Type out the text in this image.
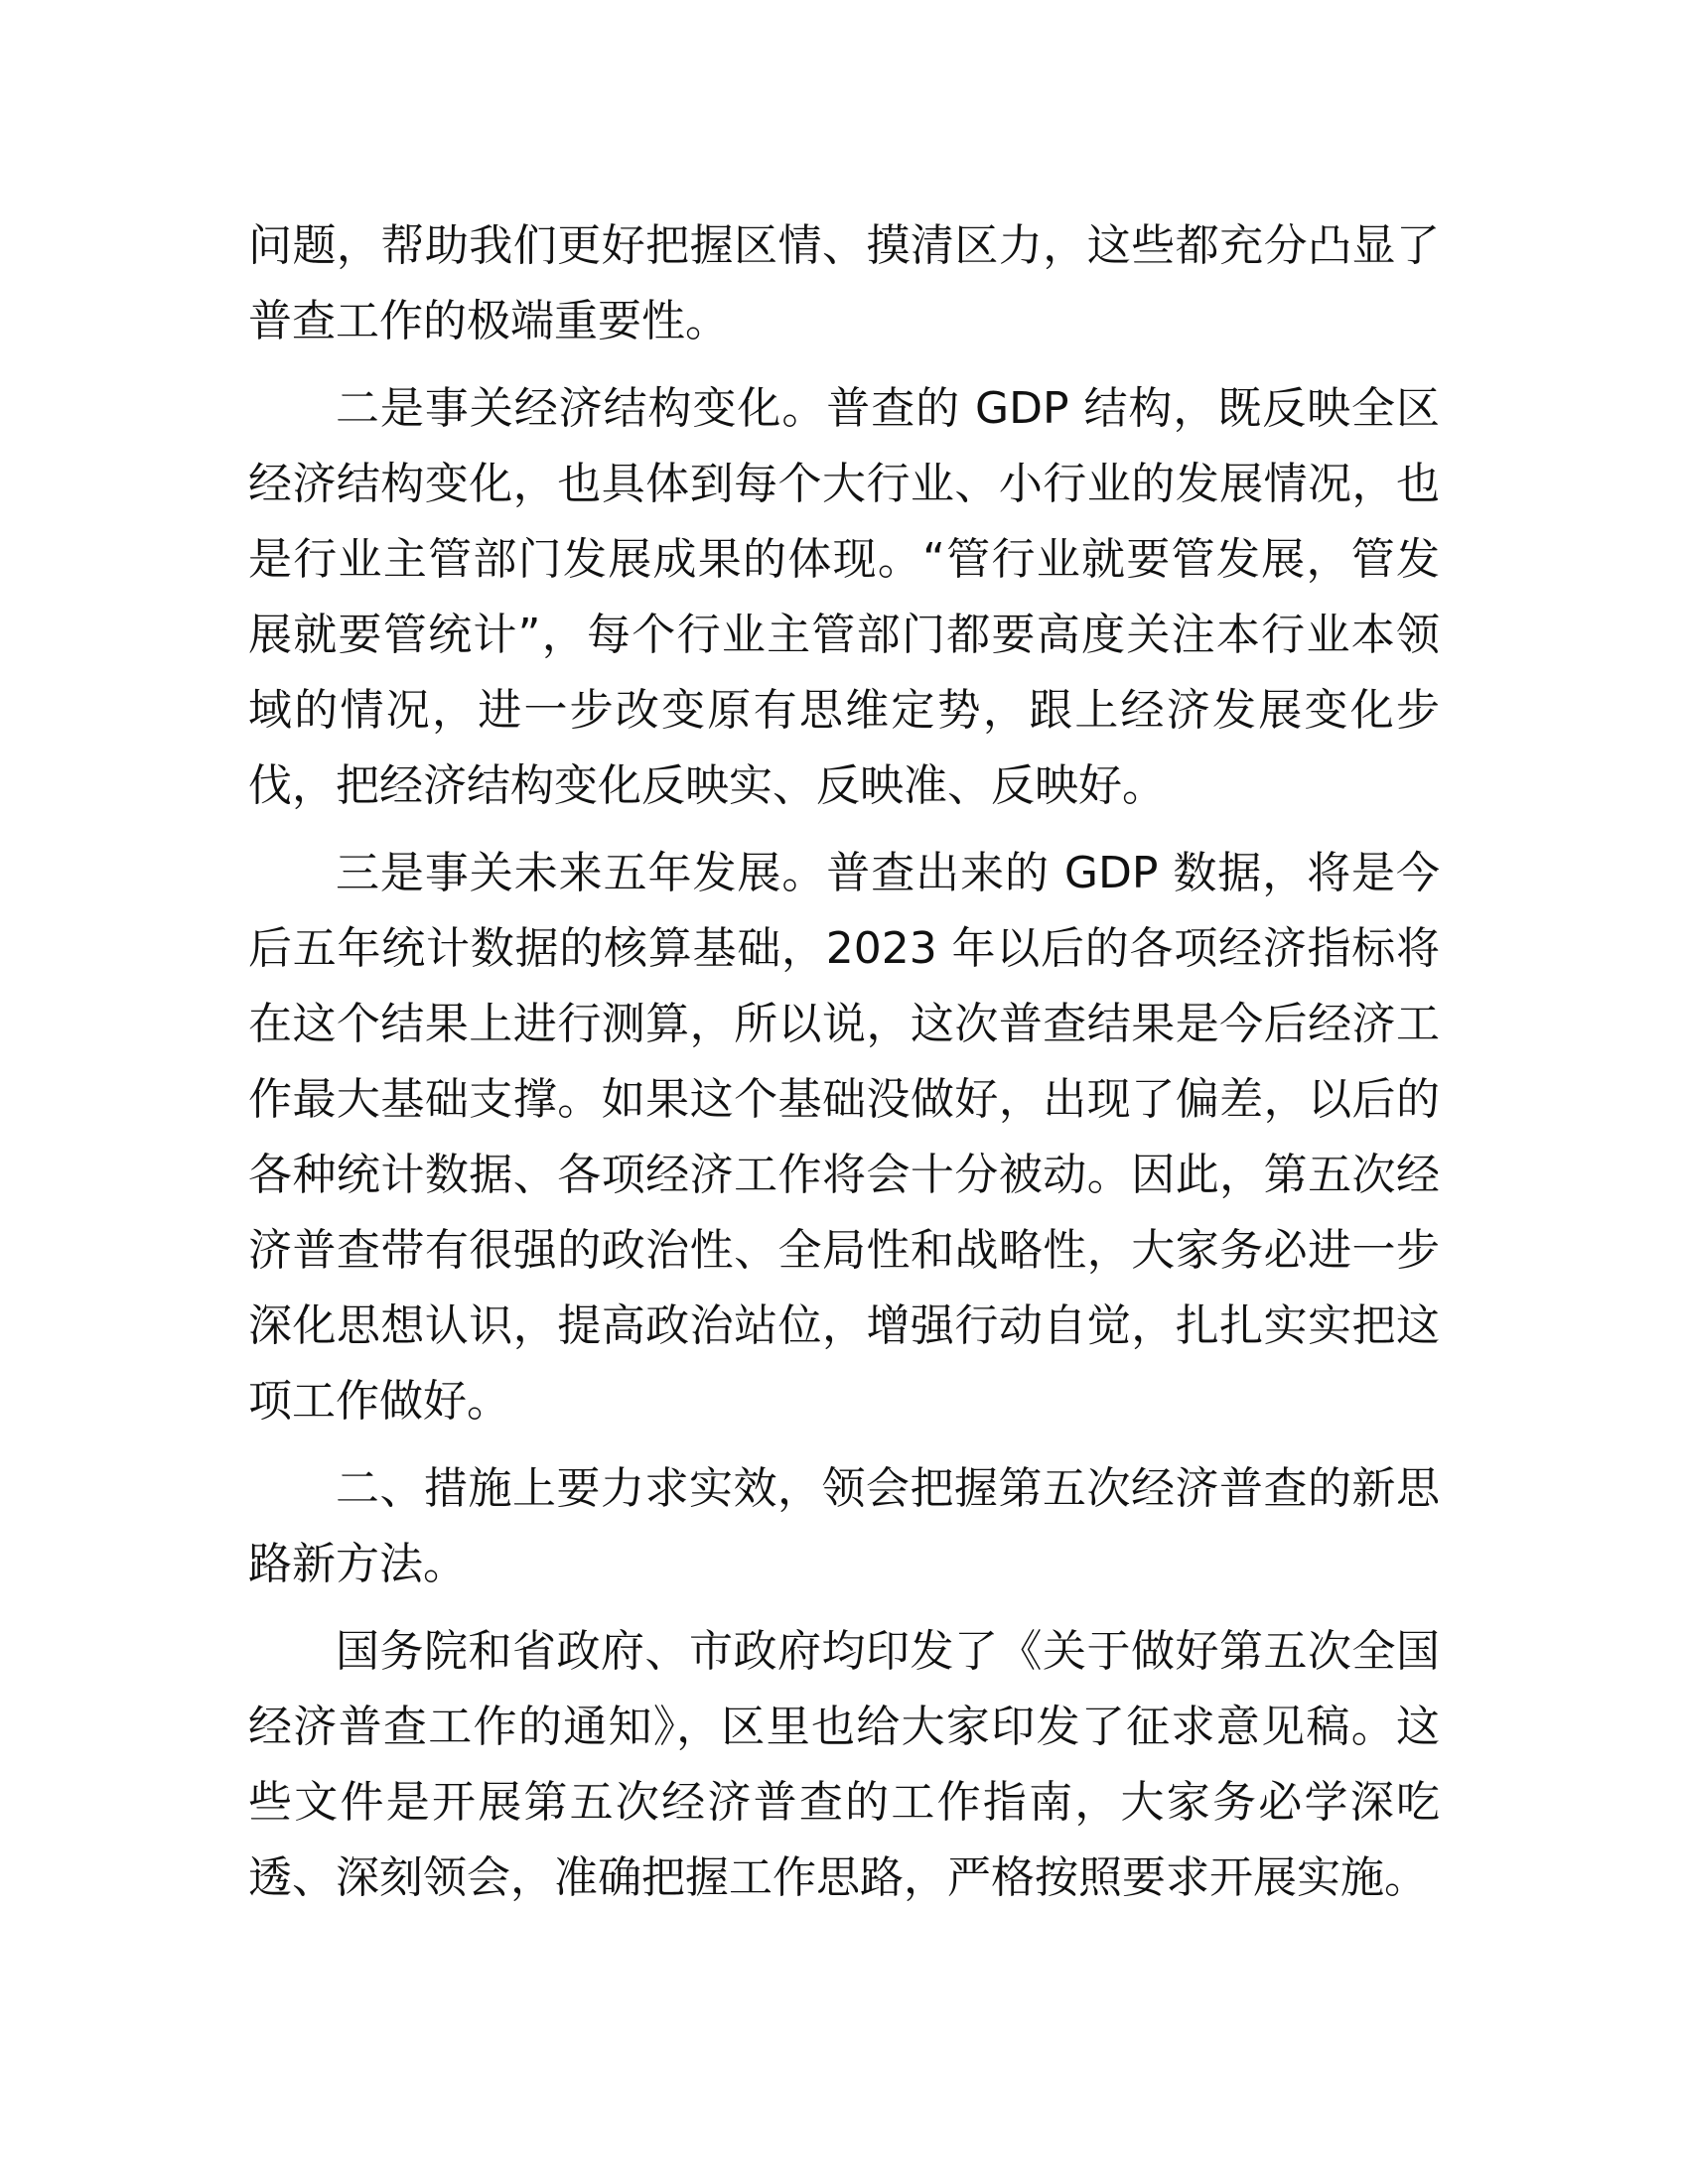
问题，帮助我们更好把握区情、摸清区力，这些都充分凸显了普查工作的极端重要性。

二是事关经济结构变化。普查的 GDP 结构，既反映全区经济结构变化，也具体到每个大行业、小行业的发展情况，也是行业主管部门发展成果的体现。“管行业就要管发展，管发展就要管统计”，每个行业主管部门都要高度关注本行业本领域的情况，进一步改变原有思维定势，跟上经济发展变化步伐，把经济结构变化反映实、反映准、反映好。

三是事关未来五年发展。普查出来的 GDP 数据，将是今后五年统计数据的核算基础，2023 年以后的各项经济指标将在这个结果上进行测算，所以说，这次普查结果是今后经济工作最大基础支撑。如果这个基础没做好，出现了偏差，以后的各种统计数据、各项经济工作将会十分被动。因此，第五次经济普查带有很强的政治性、全局性和战略性，大家务必进一步深化思想认识，提高政治站位，增强行动自觉，扎扎实实把这项工作做好。

二、措施上要力求实效，领会把握第五次经济普查的新思路新方法。

国务院和省政府、市政府均印发了《关于做好第五次全国经济普查工作的通知》，区里也给大家印发了征求意见稿。这些文件是开展第五次经济普查的工作指南，大家务必学深吃透、深刻领会，准确把握工作思路，严格按照要求开展实施。
